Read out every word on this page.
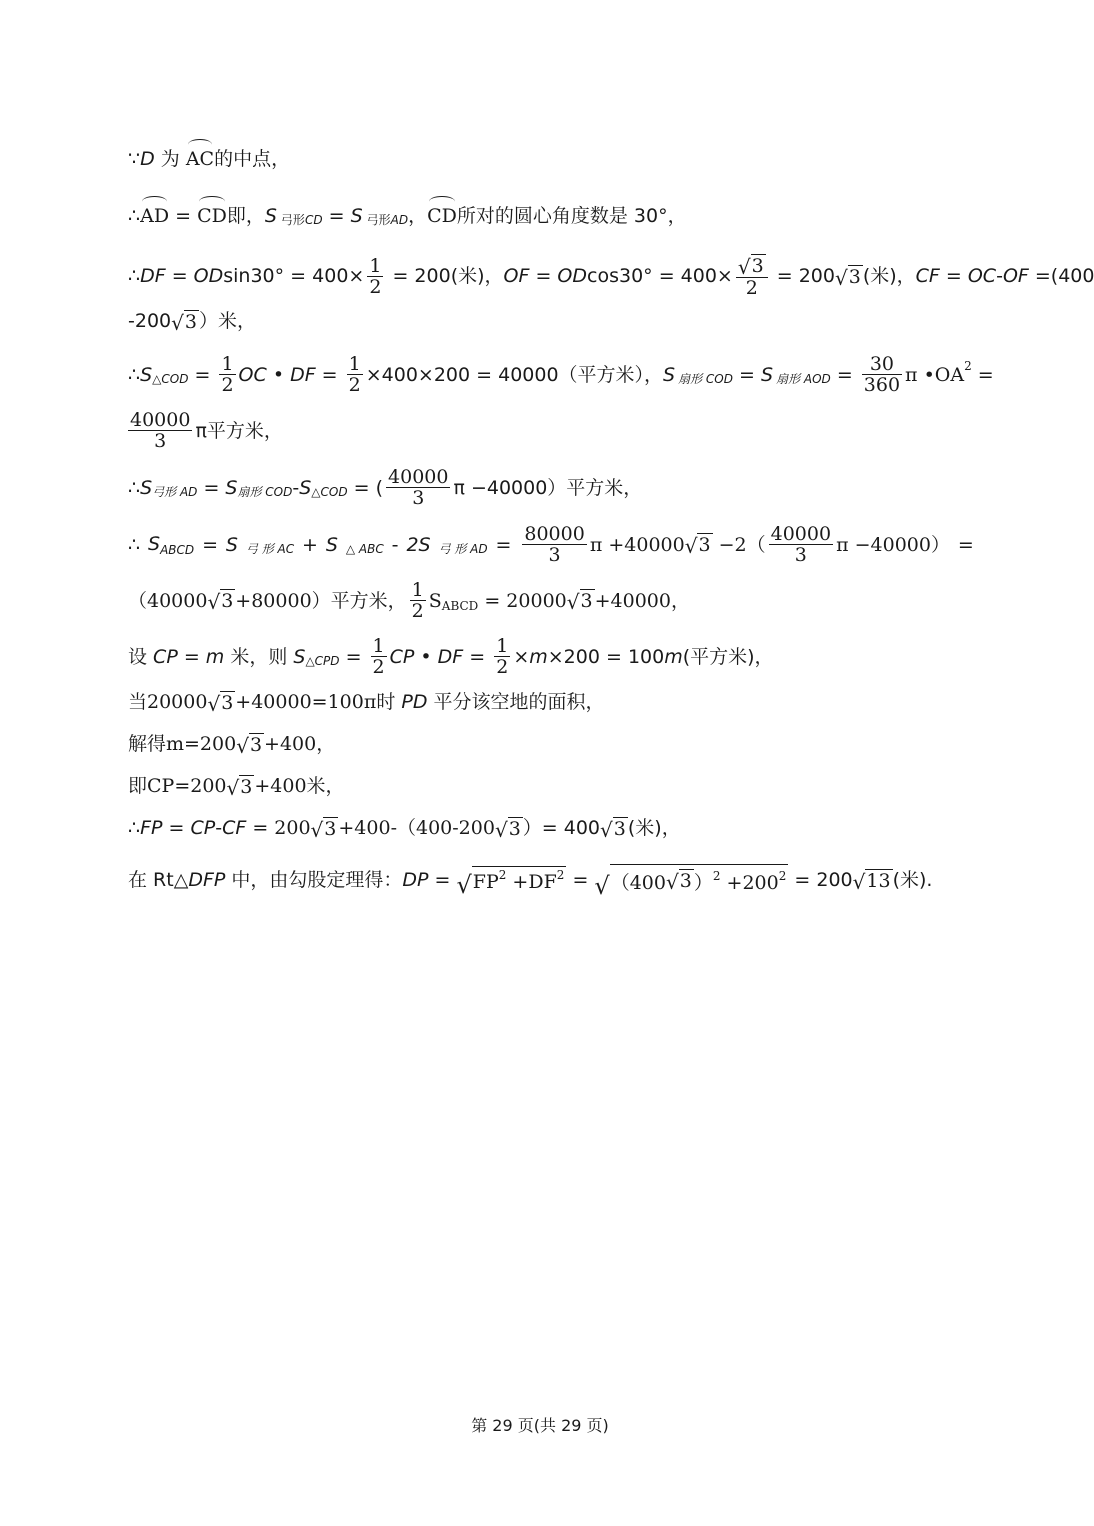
∵ D 为 AC 的中点，
∴ AD = CD 即， S 弓形 CD = S 弓形 AD ， CD 所对的圆心角度数是 30°，
∴ DF = OD $\sin 30^\circ = 400\times \frac{1}{2} = 200$(米)， OF = OD $\cos 30^\circ = 400\times \frac{√ 3}{2} = 200$ √ 3 (米)， CF = OC - OF =(400
-200 √ 3 ）米，
∴ S △COD = $\frac{1}{2}$ OC • DF = $\frac{1}{2} \times 400\times 200 = 40000$（平方米）， S 扇形 COD = S 扇形 AOD = $\frac{30}{360}$ π •OA 2 =
$\frac{40000}{3}$ π平方米，
∴ S 弓形 AD = S 扇形 COD - S △COD = ( $\frac{40000}{3}$ π −40000）平方米，
∴ $S_{ABCD} = S$ 弓 形 AC + S △ ABC - 2S 弓 形 AD = $\frac{80000}{3}$ π +40000 √ $3 -2( \frac{40000}{3}$ π −40000） =
（40000 √ 3 +80000）平方米， $\frac{1}{2}$ S ABCD = 20000 √ 3 +40000，
设 CP = m 米，则 S △CPD = $\frac{1}{2}$ CP • DF = $\frac{1}{2} \times m \times 200 = 100$ m (平方米)，
当20000 √ 3 +40000=100π时 PD 平分该空地的面积，
解得m=200 √ 3 +400，
即CP=200 √ 3 +400米，
∴ FP = CP - CF = 200 √ 3 +400-（400-200 √ 3 ）= 400 √ 3 (米)，
在 Rt△ DFP 中，由勾股定理得： DP = √ $FP^2 +DF^2$ = √ （400 √ 3 ）$^2 +200^2 = 200$ √ 13 (米).
第 29 页(共 29 页)
